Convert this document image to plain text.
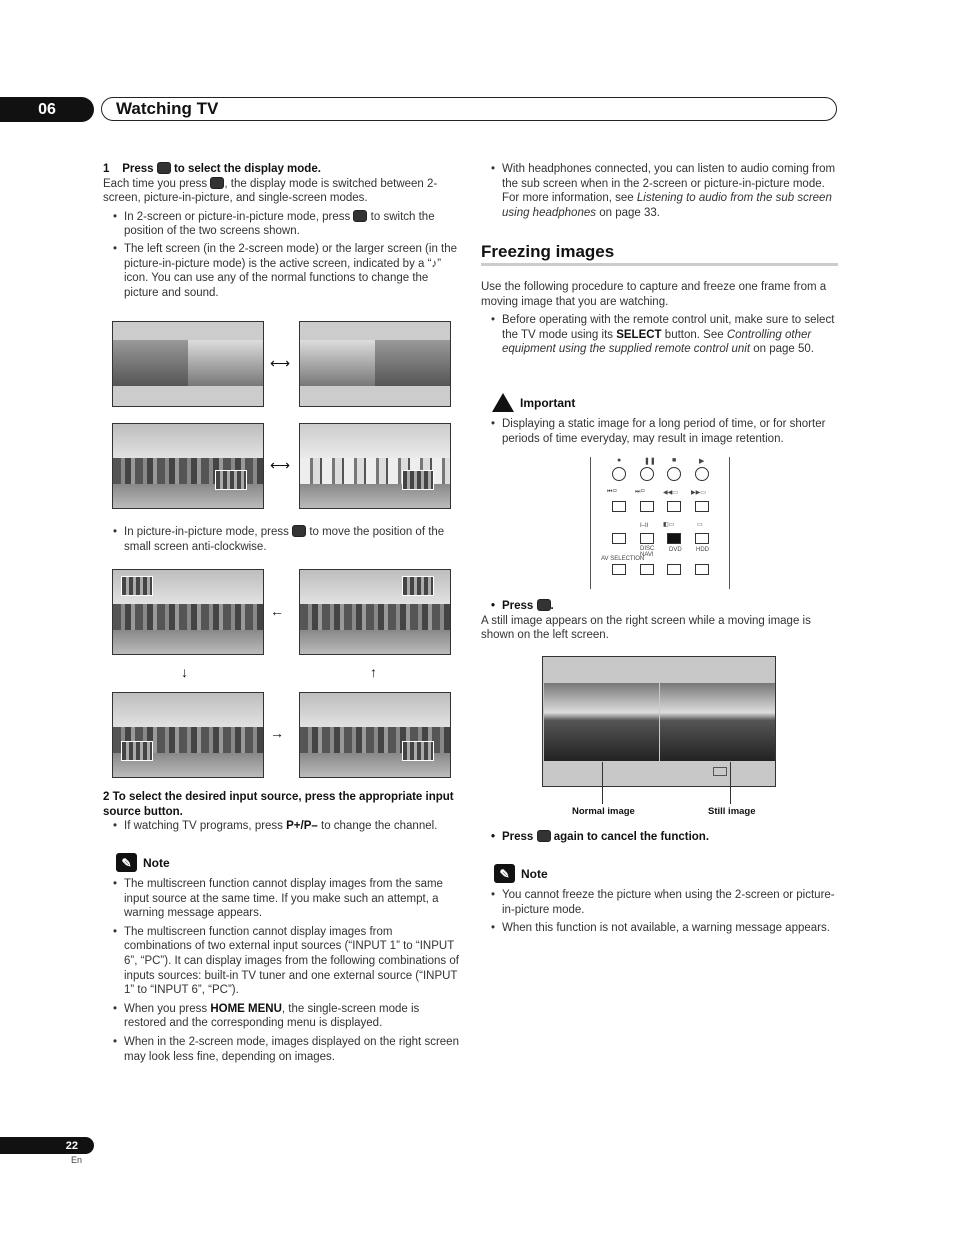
06	Watching TV
1 Press to select the display mode.
Each time you press , the display mode is switched between 2-screen, picture-in-picture, and single-screen modes.
• In 2-screen or picture-in-picture mode, press to switch the position of the two screens shown.
• The left screen (in the 2-screen mode) or the larger screen (in the picture-in-picture mode) is the active screen, indicated by a “♪” icon. You can use any of the normal functions to change the picture and sound.
⟷
⟷
• In picture-in-picture mode, press to move the position of the small screen anti-clockwise.
←
↓	↑
→
2 To select the desired input source, press the appropriate input source button.
• If watching TV programs, press P+/P– to change the channel.
✎ Note
• The multiscreen function cannot display images from the same input source at the same time. If you make such an attempt, a warning message appears.
• The multiscreen function cannot display images from combinations of two external input sources (“INPUT 1” to “INPUT 6”, “PC”). It can display images from the following combinations of inputs sources: built-in TV tuner and one external source (“INPUT 1” to “INPUT 6”, “PC”).
• When you press HOME MENU, the single-screen mode is restored and the corresponding menu is displayed.
• When in the 2-screen mode, images displayed on the right screen may look less fine, depending on images.
• With headphones connected, you can listen to audio coming from the sub screen when in the 2-screen or picture-in-picture mode. For more information, see Listening to audio from the sub screen using headphones on page 33.
Freezing images
Use the following procedure to capture and freeze one frame from a moving image that you are watching.
• Before operating with the remote control unit, make sure to select the TV mode using its SELECT button. See Controlling other equipment using the supplied remote control unit on page 50.
Important
• Displaying a static image for a long period of time, or for shorter periods of time everyday, may result in image retention.
●	❚❚ ■	▶
⏮▭	⏭▭	◀◀▭ ▶▶▭
I–II ◧▭	▭
DISC NAVI
DVD HDD
AV SELECTION
• Press .
A still image appears on the right screen while a moving image is shown on the left screen.
Normal image	Still image
• Press again to cancel the function.
✎ Note
• You cannot freeze the picture when using the 2-screen or picture-in-picture mode.
• When this function is not available, a warning message appears.
22
En
